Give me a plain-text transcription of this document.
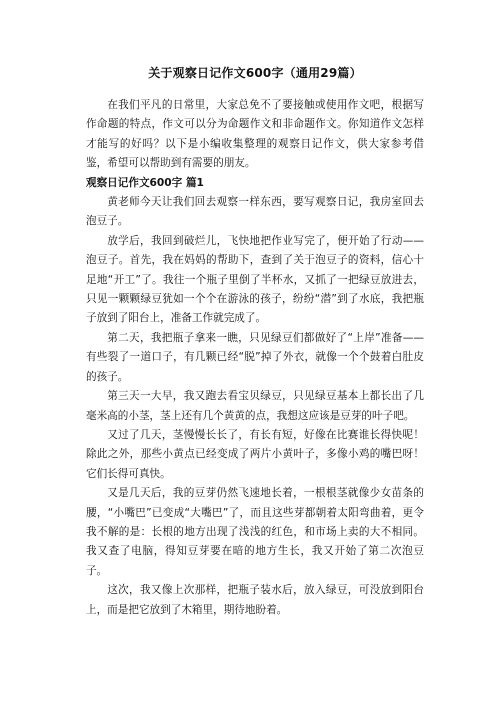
关于观察日记作文600字（通用29篇）

在我们平凡的日常里，大家总免不了要接触或使用作文吧，根据写作命题的特点，作文可以分为命题作文和非命题作文。你知道作文怎样才能写的好吗？以下是小编收集整理的观察日记作文，供大家参考借鉴，希望可以帮助到有需要的朋友。

观察日记作文600字 篇1

黄老师今天让我们回去观察一样东西，要写观察日记，我房室回去泡豆子。

放学后，我回到破烂儿，飞快地把作业写完了，便开始了行动——泡豆子。首先，我在妈妈的帮助下，查到了关于泡豆子的资料，信心十足地“开工”了。我往一个瓶子里倒了半杯水，又抓了一把绿豆放进去，只见一颗颗绿豆犹如一个个在游泳的孩子，纷纷“潜”到了水底，我把瓶子放到了阳台上，准备工作就完成了。

第二天，我把瓶子拿来一瞧，只见绿豆们都做好了“上岸”准备——有些裂了一道口子，有几颗已经“脱”掉了外衣，就像一个个鼓着白肚皮的孩子。

第三天一大早，我又跑去看宝贝绿豆，只见绿豆基本上都长出了几毫米高的小茎，茎上还有几个黄黄的点，我想这应该是豆芽的叶子吧。

又过了几天，茎慢慢长长了，有长有短，好像在比赛谁长得快呢！除此之外，那些小黄点已经变成了两片小黄叶子，多像小鸡的嘴巴呀！它们长得可真快。

又是几天后，我的豆芽仍然飞速地长着，一根根茎就像少女苗条的腰，“小嘴巴”已变成“大嘴巴”了，而且这些芽都朝着太阳弯曲着，更令我不解的是：长根的地方出现了浅浅的红色，和市场上卖的大不相同。我又查了电脑，得知豆芽要在暗的地方生长，我又开始了第二次泡豆子。

这次，我又像上次那样，把瓶子装水后，放入绿豆，可没放到阳台上，而是把它放到了木箱里，期待地盼着。
